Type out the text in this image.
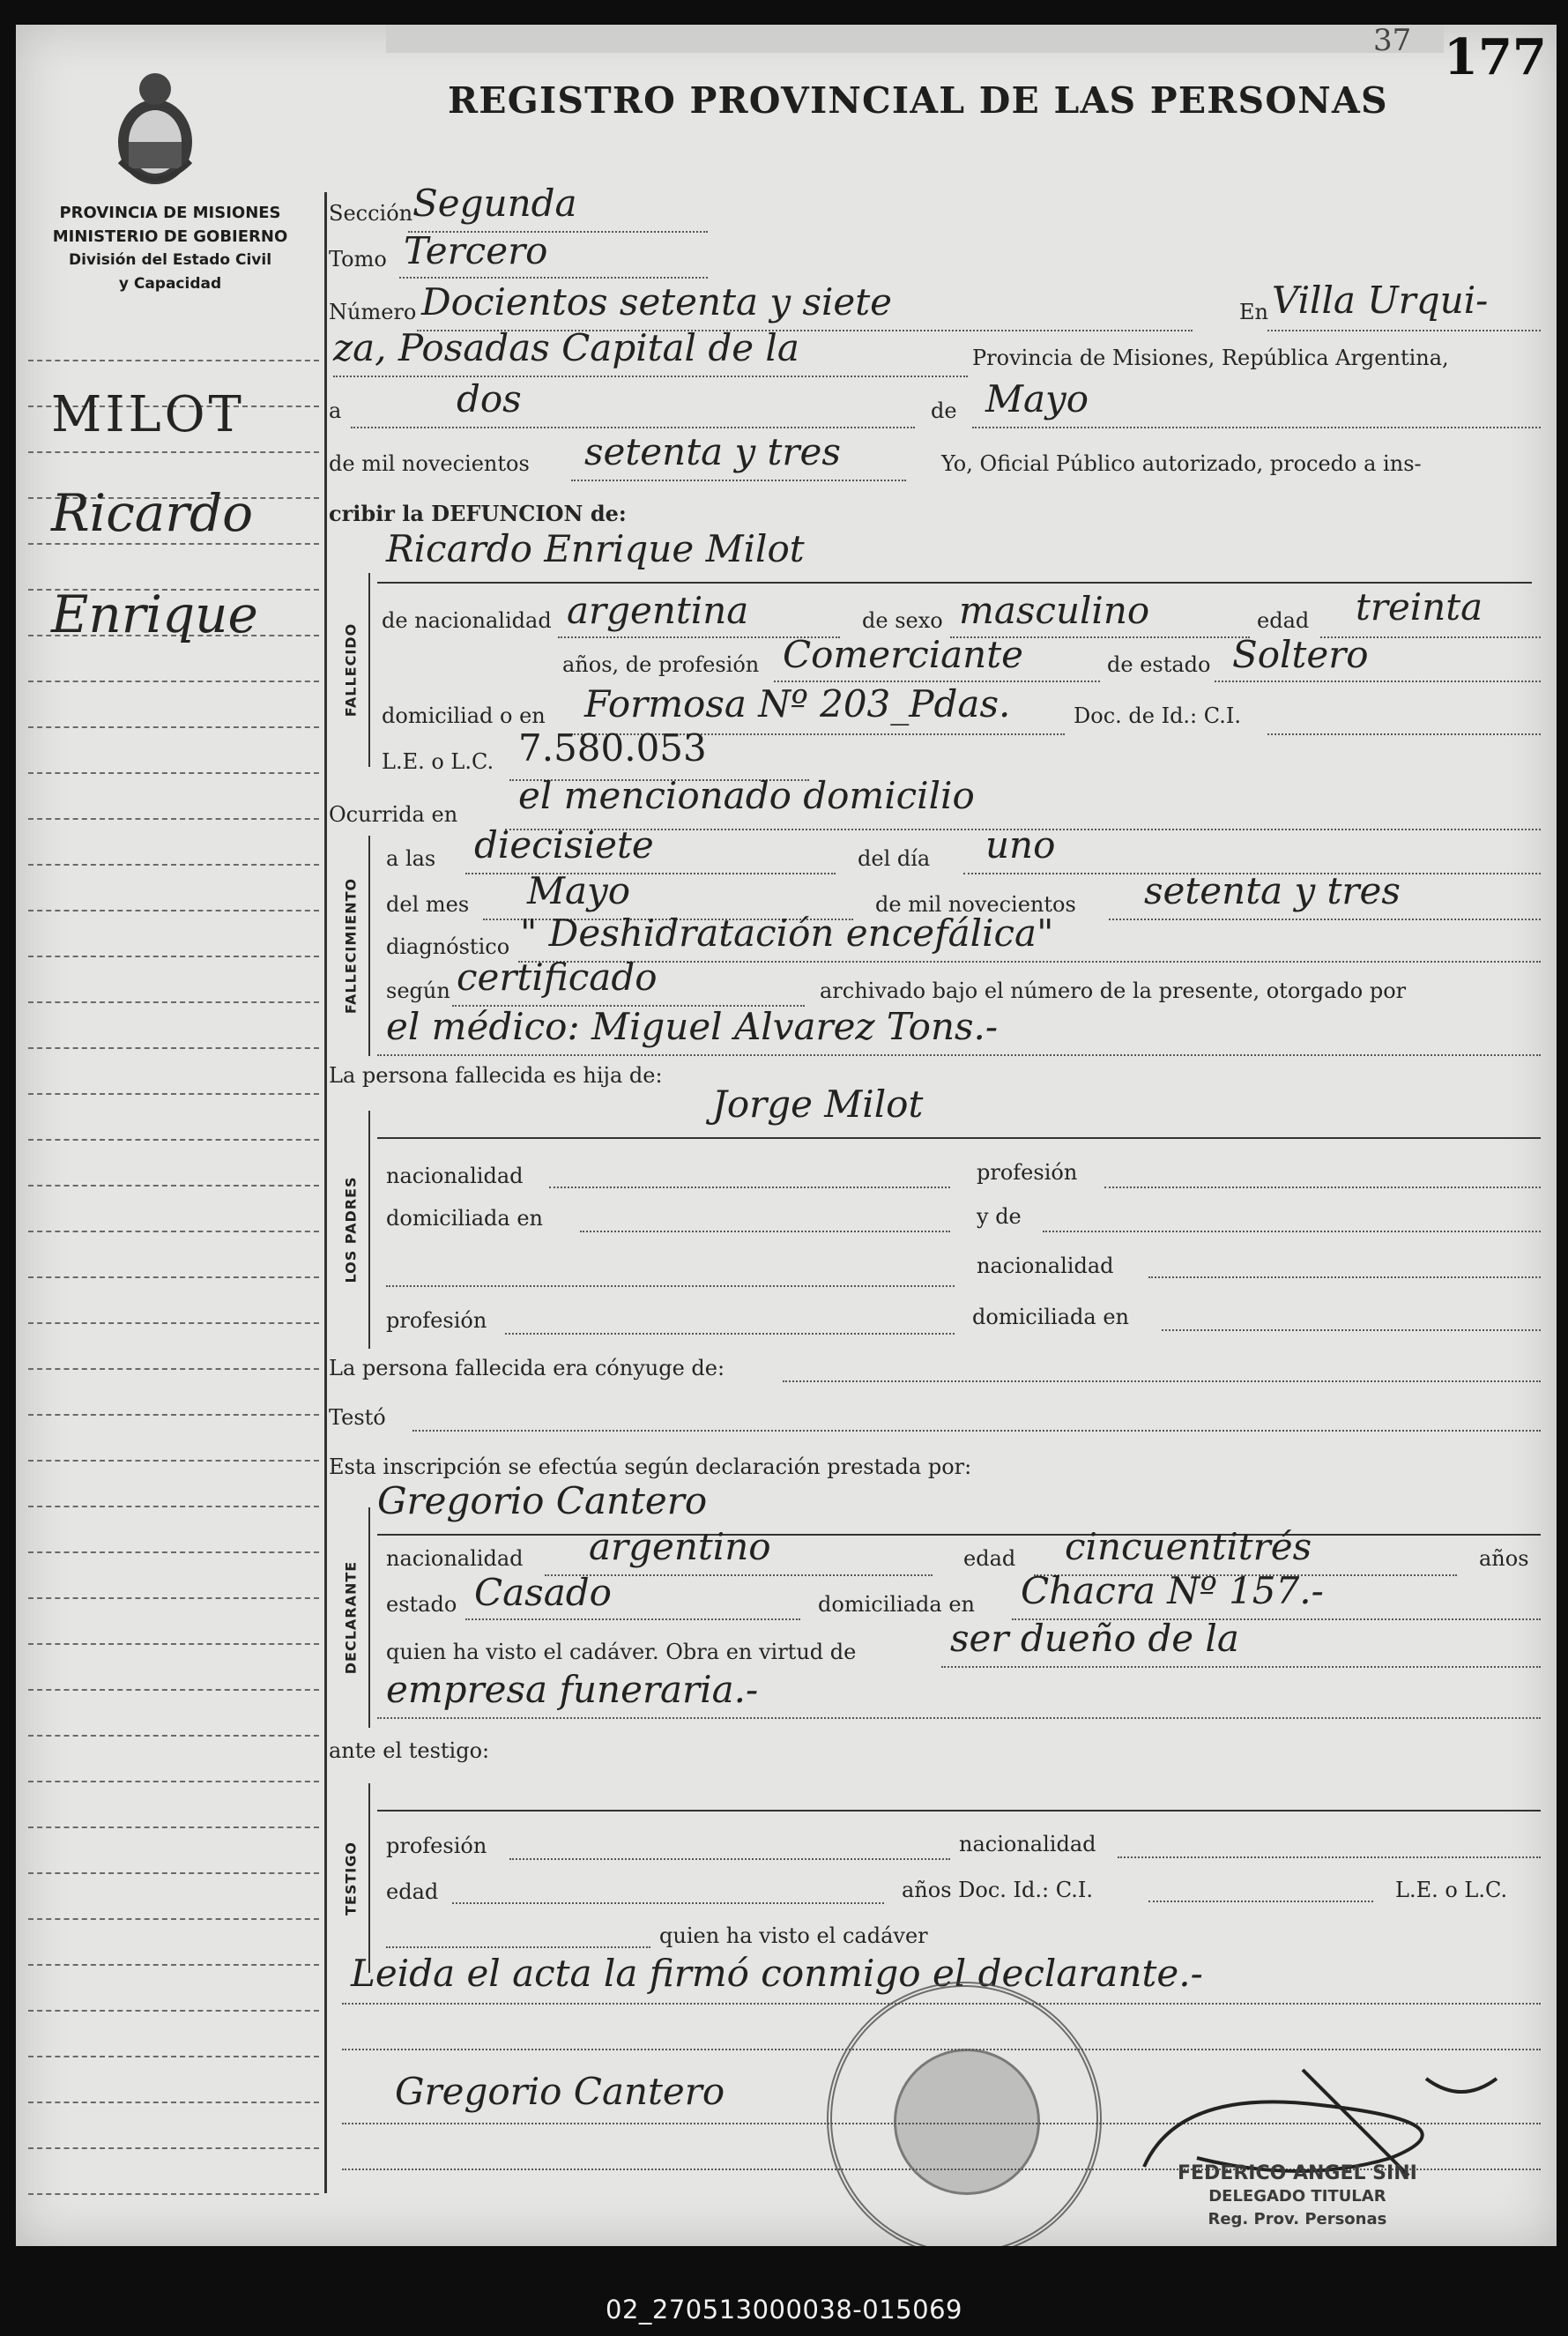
37 177
REGISTRO PROVINCIAL DE LAS PERSONAS
PROVINCIA DE MISIONES
MINISTERIO DE GOBIERNO
División del Estado Civil
y Capacidad
MILOT
Ricardo
Enrique
Sección Segunda
Tomo Tercero
Número Docientos setenta y siete	En Villa Urqui-
za, Posadas Capital de la	Provincia de Misiones, República Argentina,
a	dos	de Mayo
de mil novecientos setenta y tres	Yo, Oficial Público autorizado, procedo a ins-
cribir la DEFUNCION de:
FALLECIDO
Ricardo Enrique Milot
de nacionalidad argentina	de sexo masculino	edad treinta
años, de profesión Comerciante	de estado Soltero
domiciliad o en Formosa Nº 203_Pdas.	Doc. de Id.: C.I.
L.E. o L.C. 7.580.053
Ocurrida en el mencionado domicilio
FALLECIMIENTO
a las diecisiete	del día uno
del mes Mayo	de mil novecientos setenta y tres
diagnóstico " Deshidratación encefálica"
según certificado	archivado bajo el número de la presente, otorgado por
el médico: Miguel Alvarez Tons.-
La persona fallecida es hija de:
LOS PADRES
Jorge Milot
nacionalidad	profesión
domiciliada en	y de
nacionalidad
profesión	domiciliada en
La persona fallecida era cónyuge de:
Testó
Esta inscripción se efectúa según declaración prestada por:
DECLARANTE
Gregorio Cantero
nacionalidad argentino	edad cincuentitrés	años
estado Casado	domiciliada en Chacra Nº 157.-
quien ha visto el cadáver. Obra en virtud de	ser dueño de la
empresa funeraria.-
ante el testigo:
TESTIGO profesión	nacionalidad
edad	años Doc. Id.: C.I.	L.E. o L.C.
quien ha visto el cadáver
Leida el acta la firmó conmigo el declarante.-
Gregorio Cantero
FEDERICO ANGEL SINI
DELEGADO TITULAR
Reg. Prov. Personas
02_270513000038-015069
